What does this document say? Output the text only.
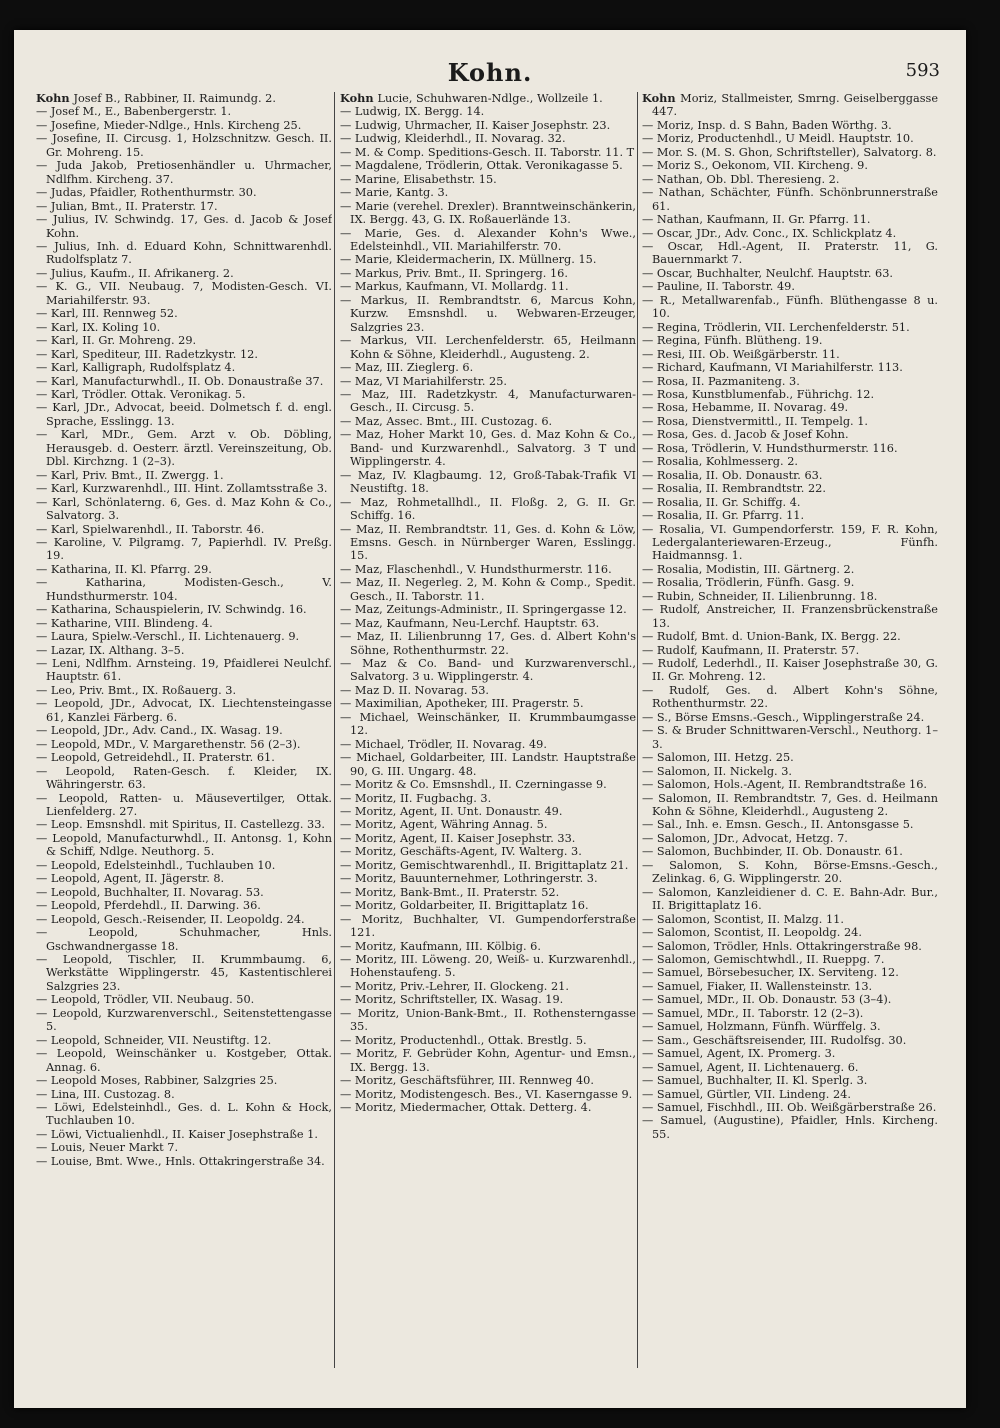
Kohn.	593
Kohn Josef B., Rabbiner, II. Raimundg. 2.
— Josef M., E., Babenbergerstr. 1.
— Josefine, Mieder-Ndlge., Hnls. Kircheng 25.
— Josefine, II. Circusg. 1, Holzschnitzw. Gesch. II. Gr. Mohreng. 15.
— Juda Jakob, Pretiosenhändler u. Uhrmacher, Ndlfhm. Kircheng. 37.
— Judas, Pfaidler, Rothenthurmstr. 30.
— Julian, Bmt., II. Praterstr. 17.
— Julius, IV. Schwindg. 17, Ges. d. Jacob & Josef Kohn.
— Julius, Inh. d. Eduard Kohn, Schnittwarenhdl. Rudolfsplatz 7.
— Julius, Kaufm., II. Afrikanerg. 2.
— K. G., VII. Neubaug. 7, Modisten-Gesch. VI. Mariahilferstr. 93.
— Karl, III. Rennweg 52.
— Karl, IX. Koling 10.
— Karl, II. Gr. Mohreng. 29.
— Karl, Spediteur, III. Radetzkystr. 12.
— Karl, Kalligraph, Rudolfsplatz 4.
— Karl, Manufacturwhdl., II. Ob. Donaustraße 37.
— Karl, Trödler. Ottak. Veronikag. 5.
— Karl, JDr., Advocat, beeid. Dolmetsch f. d. engl. Sprache, Esslingg. 13.
— Karl, MDr., Gem. Arzt v. Ob. Döbling, Herausgeb. d. Oesterr. ärztl. Vereinszeitung, Ob. Dbl. Kirchzng. 1 (2–3).
— Karl, Priv. Bmt., II. Zwergg. 1.
— Karl, Kurzwarenhdl., III. Hint. Zollamtsstraße 3.
— Karl, Schönlaterng. 6, Ges. d. Maz Kohn & Co., Salvatorg. 3.
— Karl, Spielwarenhdl., II. Taborstr. 46.
— Karoline, V. Pilgramg. 7, Papierhdl. IV. Preßg. 19.
— Katharina, II. Kl. Pfarrg. 29.
— Katharina, Modisten-Gesch., V. Hundsthurmerstr. 104.
— Katharina, Schauspielerin, IV. Schwindg. 16.
— Katharine, VIII. Blindeng. 4.
— Laura, Spielw.-Verschl., II. Lichtenauerg. 9.
— Lazar, IX. Althang. 3–5.
— Leni, Ndlfhm. Arnsteing. 19, Pfaidlerei Neulchf. Hauptstr. 61.
— Leo, Priv. Bmt., IX. Roßauerg. 3.
— Leopold, JDr., Advocat, IX. Liechtensteingasse 61, Kanzlei Färberg. 6.
— Leopold, JDr., Adv. Cand., IX. Wasag. 19.
— Leopold, MDr., V. Margarethenstr. 56 (2–3).
— Leopold, Getreidehdl., II. Praterstr. 61.
— Leopold, Raten-Gesch. f. Kleider, IX. Währingerstr. 63.
— Leopold, Ratten- u. Mäusevertilger, Ottak. Lienfelderg. 27.
— Leop. Emsnshdl. mit Spiritus, II. Castellezg. 33.
— Leopold, Manufacturwhdl., II. Antonsg. 1, Kohn & Schiff, Ndlge. Neuthorg. 5.
— Leopold, Edelsteinhdl., Tuchlauben 10.
— Leopold, Agent, II. Jägerstr. 8.
— Leopold, Buchhalter, II. Novarag. 53.
— Leopold, Pferdehdl., II. Darwing. 36.
— Leopold, Gesch.-Reisender, II. Leopoldg. 24.
— Leopold, Schuhmacher, Hnls. Gschwandnergasse 18.
— Leopold, Tischler, II. Krummbaumg. 6, Werkstätte Wipplingerstr. 45, Kastentischlerei Salzgries 23.
— Leopold, Trödler, VII. Neubaug. 50.
— Leopold, Kurzwarenverschl., Seitenstettengasse 5.
— Leopold, Schneider, VII. Neustiftg. 12.
— Leopold, Weinschänker u. Kostgeber, Ottak. Annag. 6.
— Leopold Moses, Rabbiner, Salzgries 25.
— Lina, III. Custozag. 8.
— Löwi, Edelsteinhdl., Ges. d. L. Kohn & Hock, Tuchlauben 10.
— Löwi, Victualienhdl., II. Kaiser Josephstraße 1.
— Louis, Neuer Markt 7.
— Louise, Bmt. Wwe., Hnls. Ottakringerstraße 34.
Kohn Lucie, Schuhwaren-Ndlge., Wollzeile 1.
— Ludwig, IX. Bergg. 14.
— Ludwig, Uhrmacher, II. Kaiser Josephstr. 23.
— Ludwig, Kleiderhdl., II. Novarag. 32.
— M. & Comp. Speditions-Gesch. II. Taborstr. 11. T
— Magdalene, Trödlerin, Ottak. Veronikagasse 5.
— Marine, Elisabethstr. 15.
— Marie, Kantg. 3.
— Marie (verehel. Drexler). Branntweinschänkerin, IX. Bergg. 43, G. IX. Roßauerlände 13.
— Marie, Ges. d. Alexander Kohn's Wwe., Edelsteinhdl., VII. Mariahilferstr. 70.
— Marie, Kleidermacherin, IX. Müllnerg. 15.
— Markus, Priv. Bmt., II. Springerg. 16.
— Markus, Kaufmann, VI. Mollardg. 11.
— Markus, II. Rembrandtstr. 6, Marcus Kohn, Kurzw. Emsnshdl. u. Webwaren-Erzeuger, Salzgries 23.
— Markus, VII. Lerchenfelderstr. 65, Heilmann Kohn & Söhne, Kleiderhdl., Augusteng. 2.
— Maz, III. Zieglerg. 6.
— Maz, VI Mariahilferstr. 25.
— Maz, III. Radetzkystr. 4, Manufacturwaren-Gesch., II. Circusg. 5.
— Maz, Assec. Bmt., III. Custozag. 6.
— Maz, Hoher Markt 10, Ges. d. Maz Kohn & Co., Band- und Kurzwarenhdl., Salvatorg. 3 T und Wipplingerstr. 4.
— Maz, IV. Klagbaumg. 12, Groß-Tabak-Trafik VI Neustiftg. 18.
— Maz, Rohmetallhdl., II. Floßg. 2, G. II. Gr. Schiffg. 16.
— Maz, II. Rembrandtstr. 11, Ges. d. Kohn & Löw, Emsns. Gesch. in Nürnberger Waren, Esslingg. 15.
— Maz, Flaschenhdl., V. Hundsthurmerstr. 116.
— Maz, II. Negerleg. 2, M. Kohn & Comp., Spedit. Gesch., II. Taborstr. 11.
— Maz, Zeitungs-Administr., II. Springergasse 12.
— Maz, Kaufmann, Neu-Lerchf. Hauptstr. 63.
— Maz, II. Lilienbrunng 17, Ges. d. Albert Kohn's Söhne, Rothenthurmstr. 22.
— Maz & Co. Band- und Kurzwarenverschl., Salvatorg. 3 u. Wipplingerstr. 4.
— Maz D. II. Novarag. 53.
— Maximilian, Apotheker, III. Pragerstr. 5.
— Michael, Weinschänker, II. Krummbaumgasse 12.
— Michael, Trödler, II. Novarag. 49.
— Michael, Goldarbeiter, III. Landstr. Hauptstraße 90, G. III. Ungarg. 48.
— Moritz & Co. Emsnshdl., II. Czerningasse 9.
— Moritz, II. Fugbachg. 3.
— Moritz, Agent, II. Unt. Donaustr. 49.
— Moritz, Agent, Währing Annag. 5.
— Moritz, Agent, II. Kaiser Josephstr. 33.
— Moritz, Geschäfts-Agent, IV. Walterg. 3.
— Moritz, Gemischtwarenhdl., II. Brigittaplatz 21.
— Moritz, Bauunternehmer, Lothringerstr. 3.
— Moritz, Bank-Bmt., II. Praterstr. 52.
— Moritz, Goldarbeiter, II. Brigittaplatz 16.
— Moritz, Buchhalter, VI. Gumpendorferstraße 121.
— Moritz, Kaufmann, III. Kölbig. 6.
— Moritz, III. Löweng. 20, Weiß- u. Kurzwarenhdl., Hohenstaufeng. 5.
— Moritz, Priv.-Lehrer, II. Glockeng. 21.
— Moritz, Schriftsteller, IX. Wasag. 19.
— Moritz, Union-Bank-Bmt., II. Rothensterngasse 35.
— Moritz, Productenhdl., Ottak. Brestlg. 5.
— Moritz, F. Gebrüder Kohn, Agentur- und Emsn., IX. Bergg. 13.
— Moritz, Geschäftsführer, III. Rennweg 40.
— Moritz, Modistengesch. Bes., VI. Kaserngasse 9.
— Moritz, Miedermacher, Ottak. Detterg. 4.
Kohn Moriz, Stallmeister, Smrng. Geiselberggasse 447.
— Moriz, Insp. d. S Bahn, Baden Wörthg. 3.
— Moriz, Productenhdl., U Meidl. Hauptstr. 10.
— Mor. S. (M. S. Ghon, Schriftsteller), Salvatorg. 8.
— Moriz S., Oekonom, VII. Kircheng. 9.
— Nathan, Ob. Dbl. Theresieng. 2.
— Nathan, Schächter, Fünfh. Schönbrunnerstraße 61.
— Nathan, Kaufmann, II. Gr. Pfarrg. 11.
— Oscar, JDr., Adv. Conc., IX. Schlickplatz 4.
— Oscar, Hdl.-Agent, II. Praterstr. 11, G. Bauernmarkt 7.
— Oscar, Buchhalter, Neulchf. Hauptstr. 63.
— Pauline, II. Taborstr. 49.
— R., Metallwarenfab., Fünfh. Blüthengasse 8 u. 10.
— Regina, Trödlerin, VII. Lerchenfelderstr. 51.
— Regina, Fünfh. Blütheng. 19.
— Resi, III. Ob. Weißgärberstr. 11.
— Richard, Kaufmann, VI Mariahilferstr. 113.
— Rosa, II. Pazmaniteng. 3.
— Rosa, Kunstblumenfab., Führichg. 12.
— Rosa, Hebamme, II. Novarag. 49.
— Rosa, Dienstvermittl., II. Tempelg. 1.
— Rosa, Ges. d. Jacob & Josef Kohn.
— Rosa, Trödlerin, V. Hundsthurmerstr. 116.
— Rosalia, Kohlmesserg. 2.
— Rosalia, II. Ob. Donaustr. 63.
— Rosalia, II. Rembrandtstr. 22.
— Rosalia, II. Gr. Schiffg. 4.
— Rosalia, II. Gr. Pfarrg. 11.
— Rosalia, VI. Gumpendorferstr. 159, F. R. Kohn, Ledergalanteriewaren-Erzeug., Fünfh. Haidmannsg. 1.
— Rosalia, Modistin, III. Gärtnerg. 2.
— Rosalia, Trödlerin, Fünfh. Gasg. 9.
— Rubin, Schneider, II. Lilienbrunng. 18.
— Rudolf, Anstreicher, II. Franzensbrückenstraße 13.
— Rudolf, Bmt. d. Union-Bank, IX. Bergg. 22.
— Rudolf, Kaufmann, II. Praterstr. 57.
— Rudolf, Lederhdl., II. Kaiser Josephstraße 30, G. II. Gr. Mohreng. 12.
— Rudolf, Ges. d. Albert Kohn's Söhne, Rothenthurmstr. 22.
— S., Börse Emsns.-Gesch., Wipplingerstraße 24.
— S. & Bruder Schnittwaren-Verschl., Neuthorg. 1–3.
— Salomon, III. Hetzg. 25.
— Salomon, II. Nickelg. 3.
— Salomon, Hols.-Agent, II. Rembrandtstraße 16.
— Salomon, II. Rembrandtstr. 7, Ges. d. Heilmann Kohn & Söhne, Kleiderhdl., Augusteng 2.
— Sal., Inh. e. Emsn. Gesch., II. Antonsgasse 5.
— Salomon, JDr., Advocat, Hetzg. 7.
— Salomon, Buchbinder, II. Ob. Donaustr. 61.
— Salomon, S. Kohn, Börse-Emsns.-Gesch., Zelinkag. 6, G. Wipplingerstr. 20.
— Salomon, Kanzleidiener d. C. E. Bahn-Adr. Bur., II. Brigittaplatz 16.
— Salomon, Scontist, II. Malzg. 11.
— Salomon, Scontist, II. Leopoldg. 24.
— Salomon, Trödler, Hnls. Ottakringerstraße 98.
— Salomon, Gemischtwhdl., II. Rueppg. 7.
— Samuel, Börsebesucher, IX. Serviteng. 12.
— Samuel, Fiaker, II. Wallensteinstr. 13.
— Samuel, MDr., II. Ob. Donaustr. 53 (3–4).
— Samuel, MDr., II. Taborstr. 12 (2–3).
— Samuel, Holzmann, Fünfh. Würffelg. 3.
— Sam., Geschäftsreisender, III. Rudolfsg. 30.
— Samuel, Agent, IX. Promerg. 3.
— Samuel, Agent, II. Lichtenauerg. 6.
— Samuel, Buchhalter, II. Kl. Sperlg. 3.
— Samuel, Gürtler, VII. Lindeng. 24.
— Samuel, Fischhdl., III. Ob. Weißgärberstraße 26.
— Samuel, (Augustine), Pfaidler, Hnls. Kircheng. 55.
